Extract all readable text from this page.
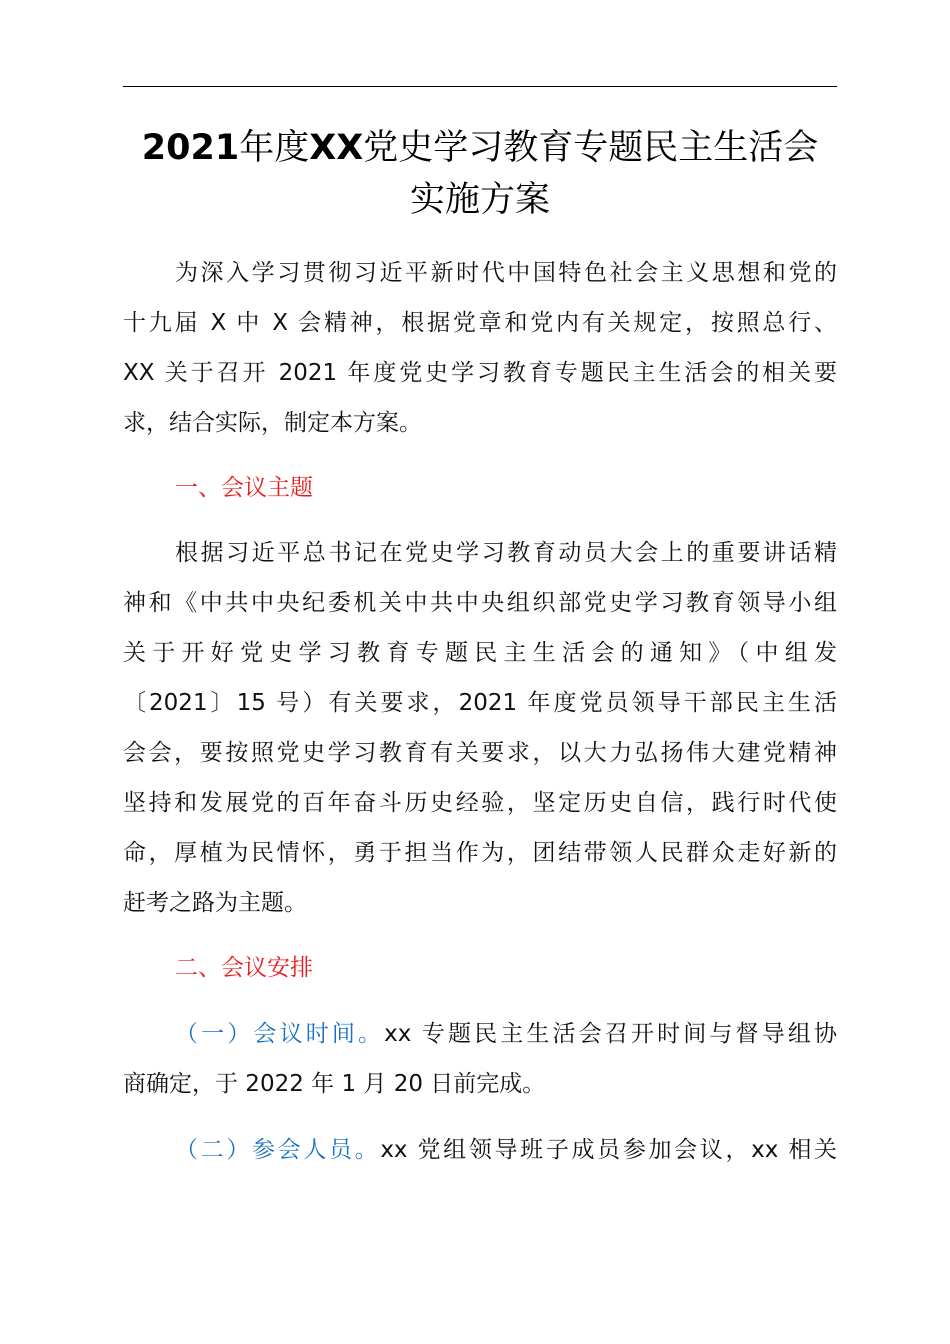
2021年度XX党史学习教育专题民主生活会
实施方案
为深入学习贯彻习近平新时代中国特色社会主义思想和党的
十九届 X 中 X 会精神，根据党章和党内有关规定，按照总行、
XX 关于召开 2021 年度党史学习教育专题民主生活会的相关要
求，结合实际，制定本方案。
一、会议主题
根据习近平总书记在党史学习教育动员大会上的重要讲话精
神和《中共中央纪委机关中共中央组织部党史学习教育领导小组
关于开好党史学习教育专题民主生活会的通知》（中组发
〔2021〕15 号）有关要求，2021 年度党员领导干部民主生活
会会，要按照党史学习教育有关要求，以大力弘扬伟大建党精神
坚持和发展党的百年奋斗历史经验，坚定历史自信，践行时代使
命，厚植为民情怀，勇于担当作为，团结带领人民群众走好新的
赶考之路为主题。
二、会议安排
（一）会议时间。xx 专题民主生活会召开时间与督导组协
商确定，于 2022 年 1 月 20 日前完成。
（二）参会人员。xx 党组领导班子成员参加会议，xx 相关
